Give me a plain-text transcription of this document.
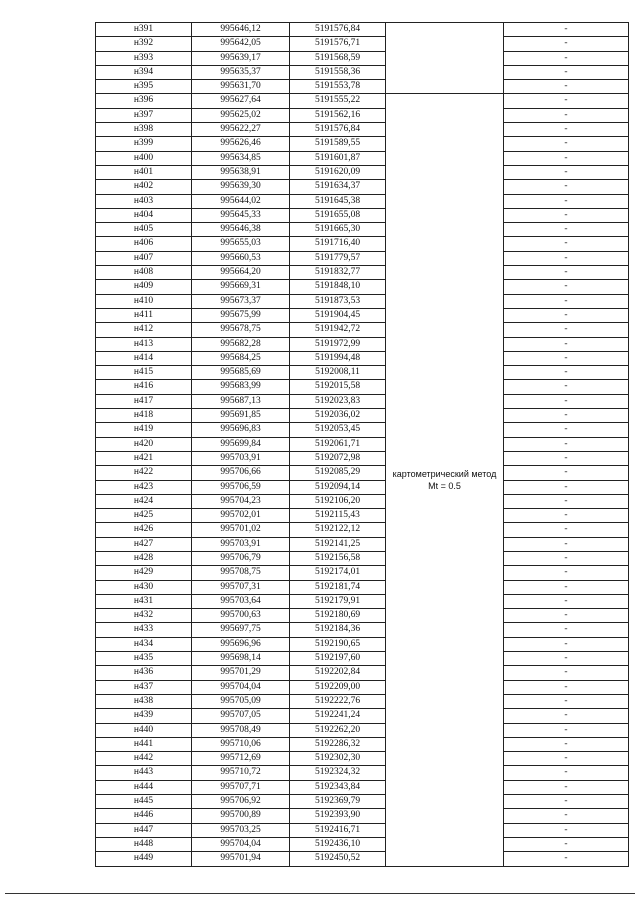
н391	995646,12	5191576,84		-
н392	995642,05	5191576,71		-
н393	995639,17	5191568,59		-
н394	995635,37	5191558,36		-
н395	995631,70	5191553,78		-
н396	995627,64	5191555,22	картометрический метод Mt = 0.5	-
н397	995625,02	5191562,16		-
н398	995622,27	5191576,84		-
н399	995626,46	5191589,55		-
н400	995634,85	5191601,87		-
н401	995638,91	5191620,09		-
н402	995639,30	5191634,37		-
н403	995644,02	5191645,38		-
н404	995645,33	5191655,08		-
н405	995646,38	5191665,30		-
н406	995655,03	5191716,40		-
н407	995660,53	5191779,57		-
н408	995664,20	5191832,77		-
н409	995669,31	5191848,10		-
н410	995673,37	5191873,53		-
н411	995675,99	5191904,45		-
н412	995678,75	5191942,72		-
н413	995682,28	5191972,99		-
н414	995684,25	5191994,48		-
н415	995685,69	5192008,11		-
н416	995683,99	5192015,58		-
н417	995687,13	5192023,83		-
н418	995691,85	5192036,02		-
н419	995696,83	5192053,45		-
н420	995699,84	5192061,71		-
н421	995703,91	5192072,98		-
н422	995706,66	5192085,29		-
н423	995706,59	5192094,14		-
н424	995704,23	5192106,20		-
н425	995702,01	5192115,43		-
н426	995701,02	5192122,12		-
н427	995703,91	5192141,25		-
н428	995706,79	5192156,58		-
н429	995708,75	5192174,01		-
н430	995707,31	5192181,74		-
н431	995703,64	5192179,91		-
н432	995700,63	5192180,69		-
н433	995697,75	5192184,36		-
н434	995696,96	5192190,65		-
н435	995698,14	5192197,60		-
н436	995701,29	5192202,84		-
н437	995704,04	5192209,00		-
н438	995705,09	5192222,76		-
н439	995707,05	5192241,24		-
н440	995708,49	5192262,20		-
н441	995710,06	5192286,32		-
н442	995712,69	5192302,30		-
н443	995710,72	5192324,32		-
н444	995707,71	5192343,84		-
н445	995706,92	5192369,79		-
н446	995700,89	5192393,90		-
н447	995703,25	5192416,71		-
н448	995704,04	5192436,10		-
н449	995701,94	5192450,52		-
